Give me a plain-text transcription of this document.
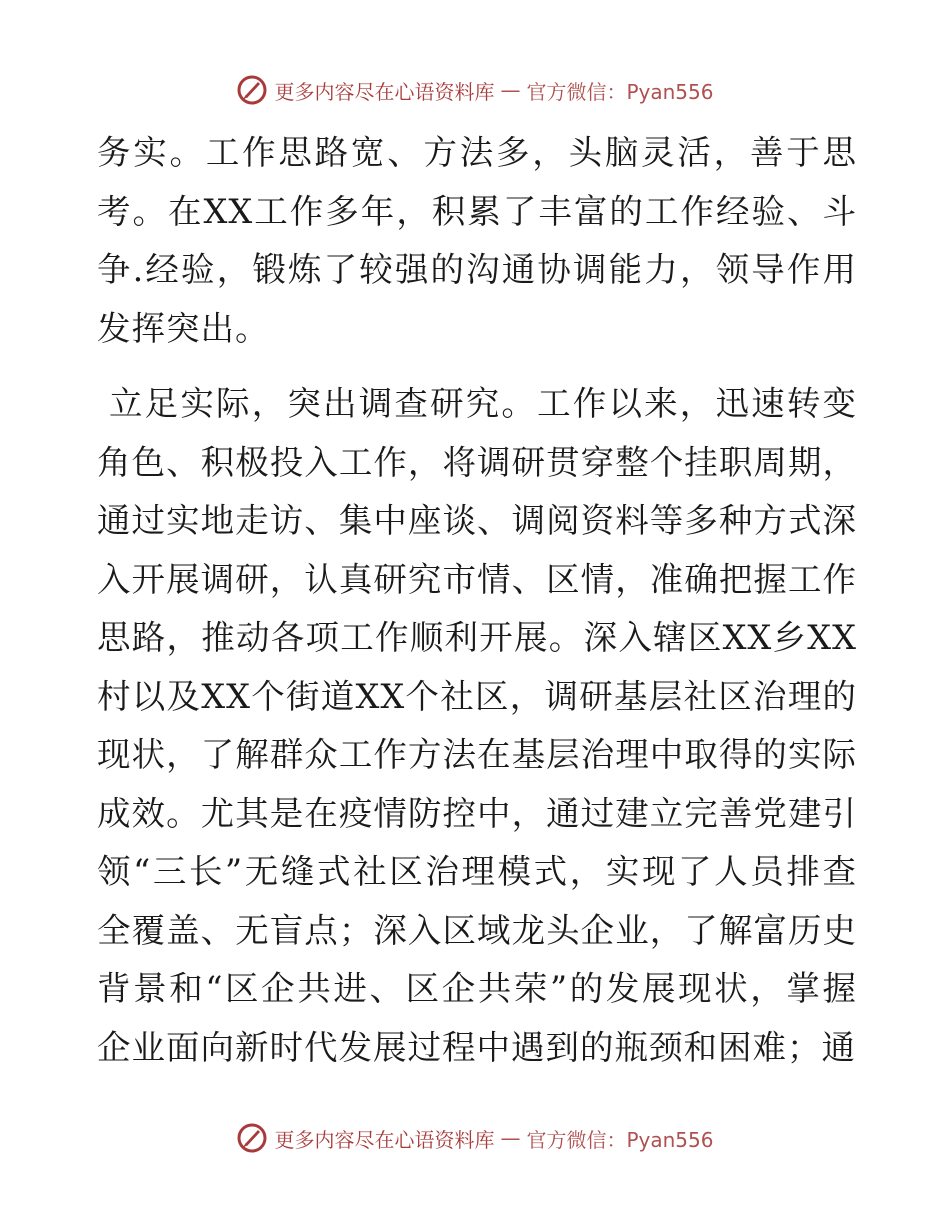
更多内容尽在心语资料库 — 官方微信：Pyan556

务实。工作思路宽、方法多，头脑灵活，善于思考。在XX工作多年，积累了丰富的工作经验、斗争.经验，锻炼了较强的沟通协调能力，领导作用发挥突出。

立足实际，突出调查研究。工作以来，迅速转变角色、积极投入工作，将调研贯穿整个挂职周期，通过实地走访、集中座谈、调阅资料等多种方式深入开展调研，认真研究市情、区情，准确把握工作思路，推动各项工作顺利开展。深入辖区XX乡XX村以及XX个街道XX个社区，调研基层社区治理的现状，了解群众工作方法在基层治理中取得的实际成效。尤其是在疫情防控中，通过建立完善党建引领“三长”无缝式社区治理模式，实现了人员排查全覆盖、无盲点；深入区域龙头企业，了解富历史背景和“区企共进、区企共荣”的发展现状，掌握企业面向新时代发展过程中遇到的瓶颈和困难；通

更多内容尽在心语资料库 — 官方微信：Pyan556
